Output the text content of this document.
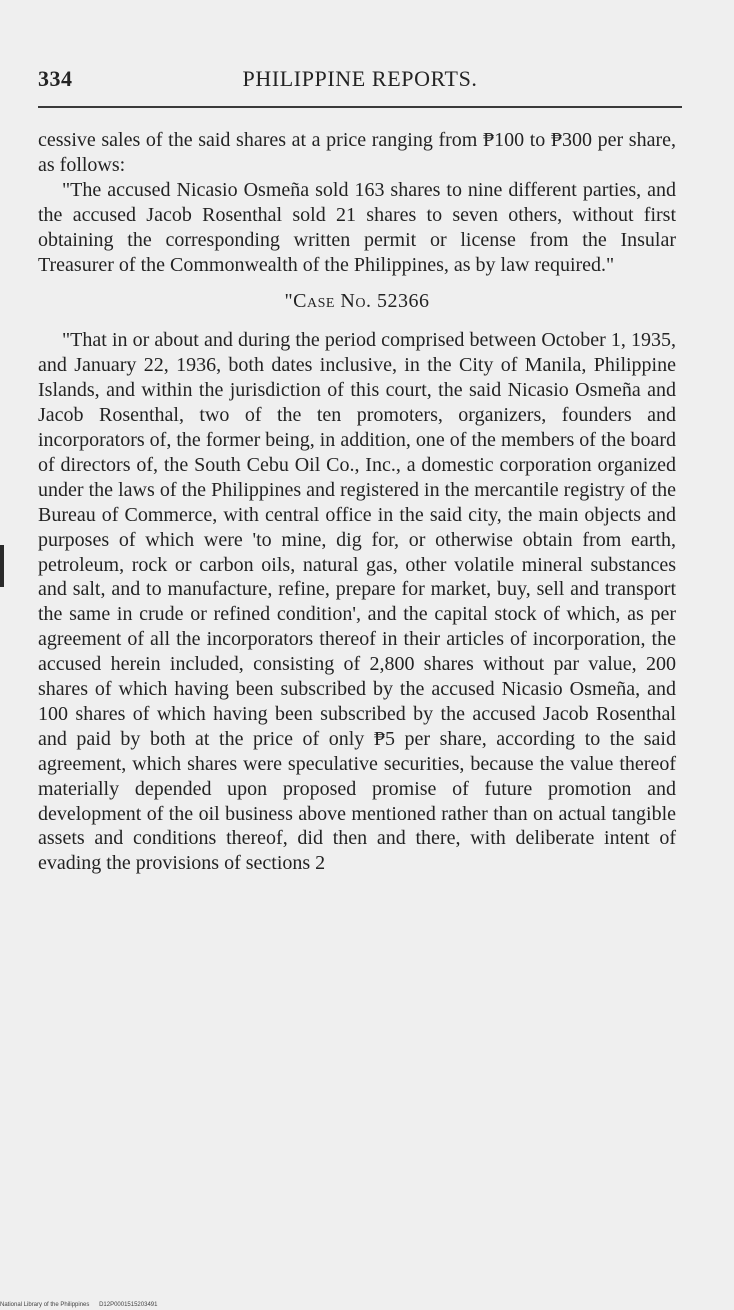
334	PHILIPPINE REPORTS.

cessive sales of the said shares at a price ranging from ₱100 to ₱300 per share, as follows:

"The accused Nicasio Osmeña sold 163 shares to nine different parties, and the accused Jacob Rosenthal sold 21 shares to seven others, without first obtaining the corresponding written permit or license from the Insular Treasurer of the Commonwealth of the Philippines, as by law required."

"Case No. 52366

"That in or about and during the period comprised between October 1, 1935, and January 22, 1936, both dates inclusive, in the City of Manila, Philippine Islands, and within the jurisdiction of this court, the said Nicasio Osmeña and Jacob Rosenthal, two of the ten promoters, organizers, founders and incorporators of, the former being, in addition, one of the members of the board of directors of, the South Cebu Oil Co., Inc., a domestic corporation organized under the laws of the Philippines and registered in the mercantile registry of the Bureau of Commerce, with central office in the said city, the main objects and purposes of which were 'to mine, dig for, or otherwise obtain from earth, petroleum, rock or carbon oils, natural gas, other volatile mineral substances and salt, and to manufacture, refine, prepare for market, buy, sell and transport the same in crude or refined condition', and the capital stock of which, as per agreement of all the incorporators thereof in their articles of incorporation, the accused herein included, consisting of 2,800 shares without par value, 200 shares of which having been subscribed by the accused Nicasio Osmeña, and 100 shares of which having been subscribed by the accused Jacob Rosenthal and paid by both at the price of only ₱5 per share, according to the said agreement, which shares were speculative securities, because the value thereof materially depended upon proposed promise of future promotion and development of the oil business above mentioned rather than on actual tangible assets and conditions thereof, did then and there, with deliberate intent of evading the provisions of sections 2

National Library of the Philippines D12P0001515203491
